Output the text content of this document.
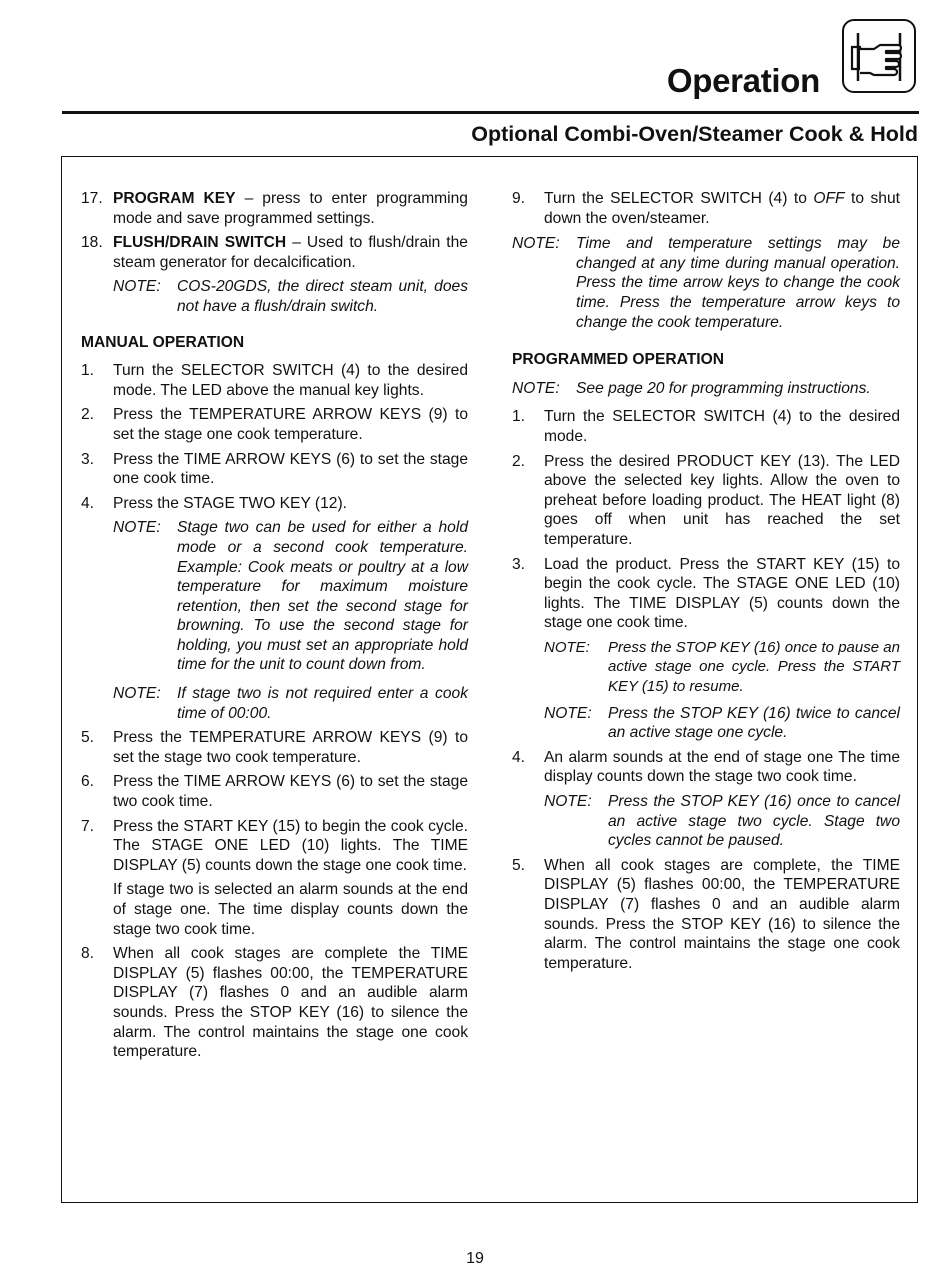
Operation
Optional Combi-Oven/Steamer Cook & Hold
17. PROGRAM KEY – press to enter programming mode and save programmed settings.

18. FLUSH/DRAIN SWITCH – Used to flush/drain the steam generator for decalcification.

NOTE: COS-20GDS, the direct steam unit, does not have a flush/drain switch.
MANUAL OPERATION
1. Turn the SELECTOR SWITCH (4) to the desired mode. The LED above the manual key lights.

2. Press the TEMPERATURE ARROW KEYS (9) to set the stage one cook temperature.

3. Press the TIME ARROW KEYS (6) to set the stage one cook time.

4. Press the STAGE TWO KEY (12).

NOTE: Stage two can be used for either a hold mode or a second cook temperature. Example: Cook meats or poultry at a low temperature for maximum moisture retention, then set the second stage for browning. To use the second stage for holding, you must set an appropriate hold time for the unit to count down from.
NOTE: If stage two is not required enter a cook time of 00:00.
5. Press the TEMPERATURE ARROW KEYS (9) to set the stage two cook temperature.

6. Press the TIME ARROW KEYS (6) to set the stage two cook time.

7. Press the START KEY (15) to begin the cook cycle. The STAGE ONE LED (10) lights. The TIME DISPLAY (5) counts down the stage one cook time.

If stage two is selected an alarm sounds at the end of stage one. The time display counts down the stage two cook time.

8. When all cook stages are complete the TIME DISPLAY (5) flashes 00:00, the TEMPERATURE DISPLAY (7) flashes 0 and an audible alarm sounds. Press the STOP KEY (16) to silence the alarm. The control maintains the stage one cook temperature.

9. Turn the SELECTOR SWITCH (4) to OFF to shut down the oven/steamer.

NOTE: Time and temperature settings may be changed at any time during manual operation. Press the time arrow keys to change the cook time. Press the temperature arrow keys to change the cook temperature.
PROGRAMMED OPERATION
NOTE: See page 20 for programming instructions.
1. Turn the SELECTOR SWITCH (4) to the desired mode.

2. Press the desired PRODUCT KEY (13). The LED above the selected key lights. Allow the oven to preheat before loading product. The HEAT light (8) goes off when unit has reached the set temperature.

3. Load the product. Press the START KEY (15) to begin the cook cycle. The STAGE ONE LED (10) lights. The TIME DISPLAY (5) counts down the stage one cook time.

NOTE: Press the STOP KEY (16) once to pause an active stage one cycle. Press the START KEY (15) to resume.
NOTE: Press the STOP KEY (16) twice to cancel an active stage one cycle.
4. An alarm sounds at the end of stage one The time display counts down the stage two cook time.

NOTE: Press the STOP KEY (16) once to cancel an active stage two cycle. Stage two cycles cannot be paused.
5. When all cook stages are complete, the TIME DISPLAY (5) flashes 00:00, the TEMPERATURE DISPLAY (7) flashes 0 and an audible alarm sounds. Press the STOP KEY (16) to silence the alarm. The control maintains the stage one cook temperature.

19
